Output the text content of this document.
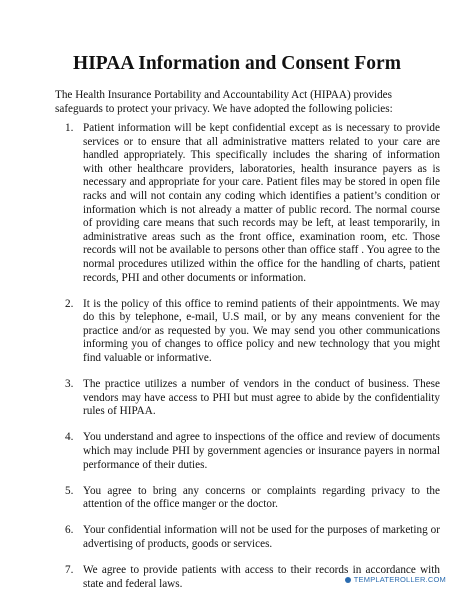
HIPAA Information and Consent Form

The Health Insurance Portability and Accountability Act (HIPAA) provides safeguards to protect your privacy. We have adopted the following policies:

1. Patient information will be kept confidential except as is necessary to provide services or to ensure that all administrative matters related to your care are handled appropriately. This specifically includes the sharing of information with other healthcare providers, laboratories, health insurance payers as is necessary and appropriate for your care. Patient files may be stored in open file racks and will not contain any coding which identifies a patient’s condition or information which is not already a matter of public record. The normal course of providing care means that such records may be left, at least temporarily, in administrative areas such as the front office, examination room, etc. Those records will not be available to persons other than office staff . You agree to the normal procedures utilized within the office for the handling of charts, patient records, PHI and other documents or information.
2. It is the policy of this office to remind patients of their appointments. We may do this by telephone, e-mail, U.S mail, or by any means convenient for the practice and/or as requested by you. We may send you other communications informing you of changes to office policy and new technology that you might find valuable or informative.
3. The practice utilizes a number of vendors in the conduct of business. These vendors may have access to PHI but must agree to abide by the confidentiality rules of HIPAA.
4. You understand and agree to inspections of the office and review of documents which may include PHI by government agencies or insurance payers in normal performance of their duties.
5. You agree to bring any concerns or complaints regarding privacy to the attention of the office manger or the doctor.
6. Your confidential information will not be used for the purposes of marketing or advertising of products, goods or services.
7. We agree to provide patients with access to their records in accordance with state and federal laws.	TEMPLATEROLLER.COM
